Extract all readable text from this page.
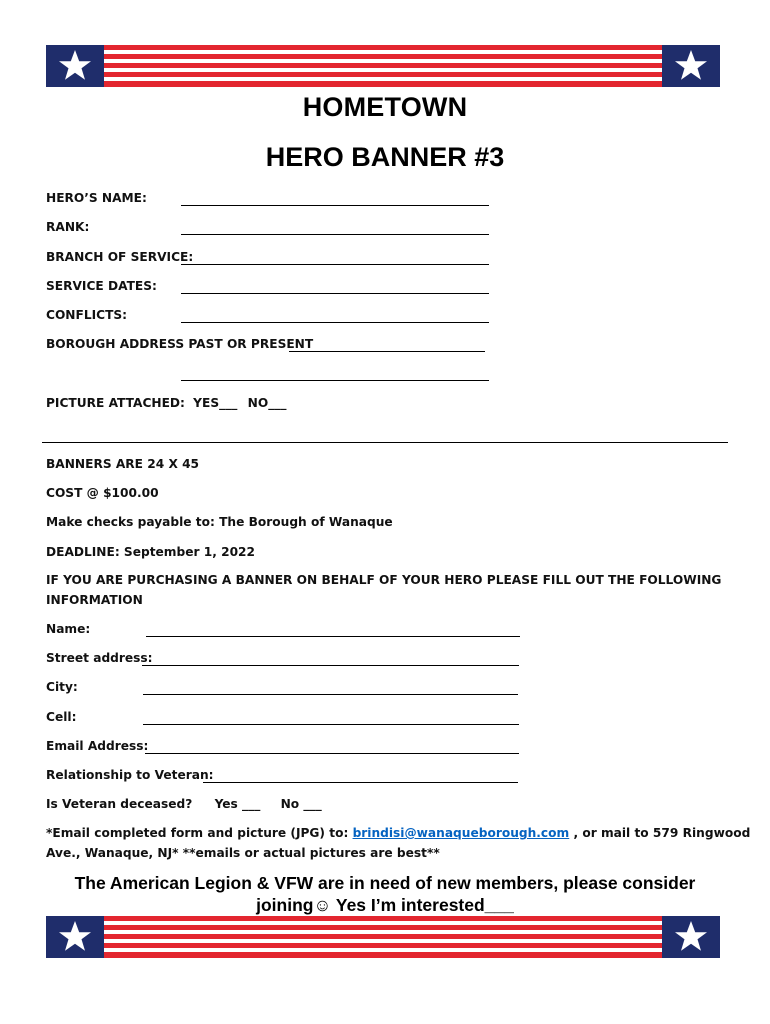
HOMETOWN
HERO BANNER #3
HERO’S NAME:
RANK:
BRANCH OF SERVICE:
SERVICE DATES:
CONFLICTS:
BOROUGH ADDRESS PAST OR PRESENT
PICTURE ATTACHED: YES___ NO___
BANNERS ARE 24 X 45
COST @ $100.00
Make checks payable to: The Borough of Wanaque
DEADLINE: September 1, 2022
IF YOU ARE PURCHASING A BANNER ON BEHALF OF YOUR HERO PLEASE FILL OUT THE FOLLOWING
INFORMATION
Name:
Street address:
City:
Cell:
Email Address:
Relationship to Veteran:
Is Veteran deceased? Yes ___ No ___
*Email completed form and picture (JPG) to: brindisi@wanaqueborough.com , or mail to 579 Ringwood
Ave., Wanaque, NJ* **emails or actual pictures are best**
The American Legion & VFW are in need of new members, please consider
joining☺ Yes I’m interested___
